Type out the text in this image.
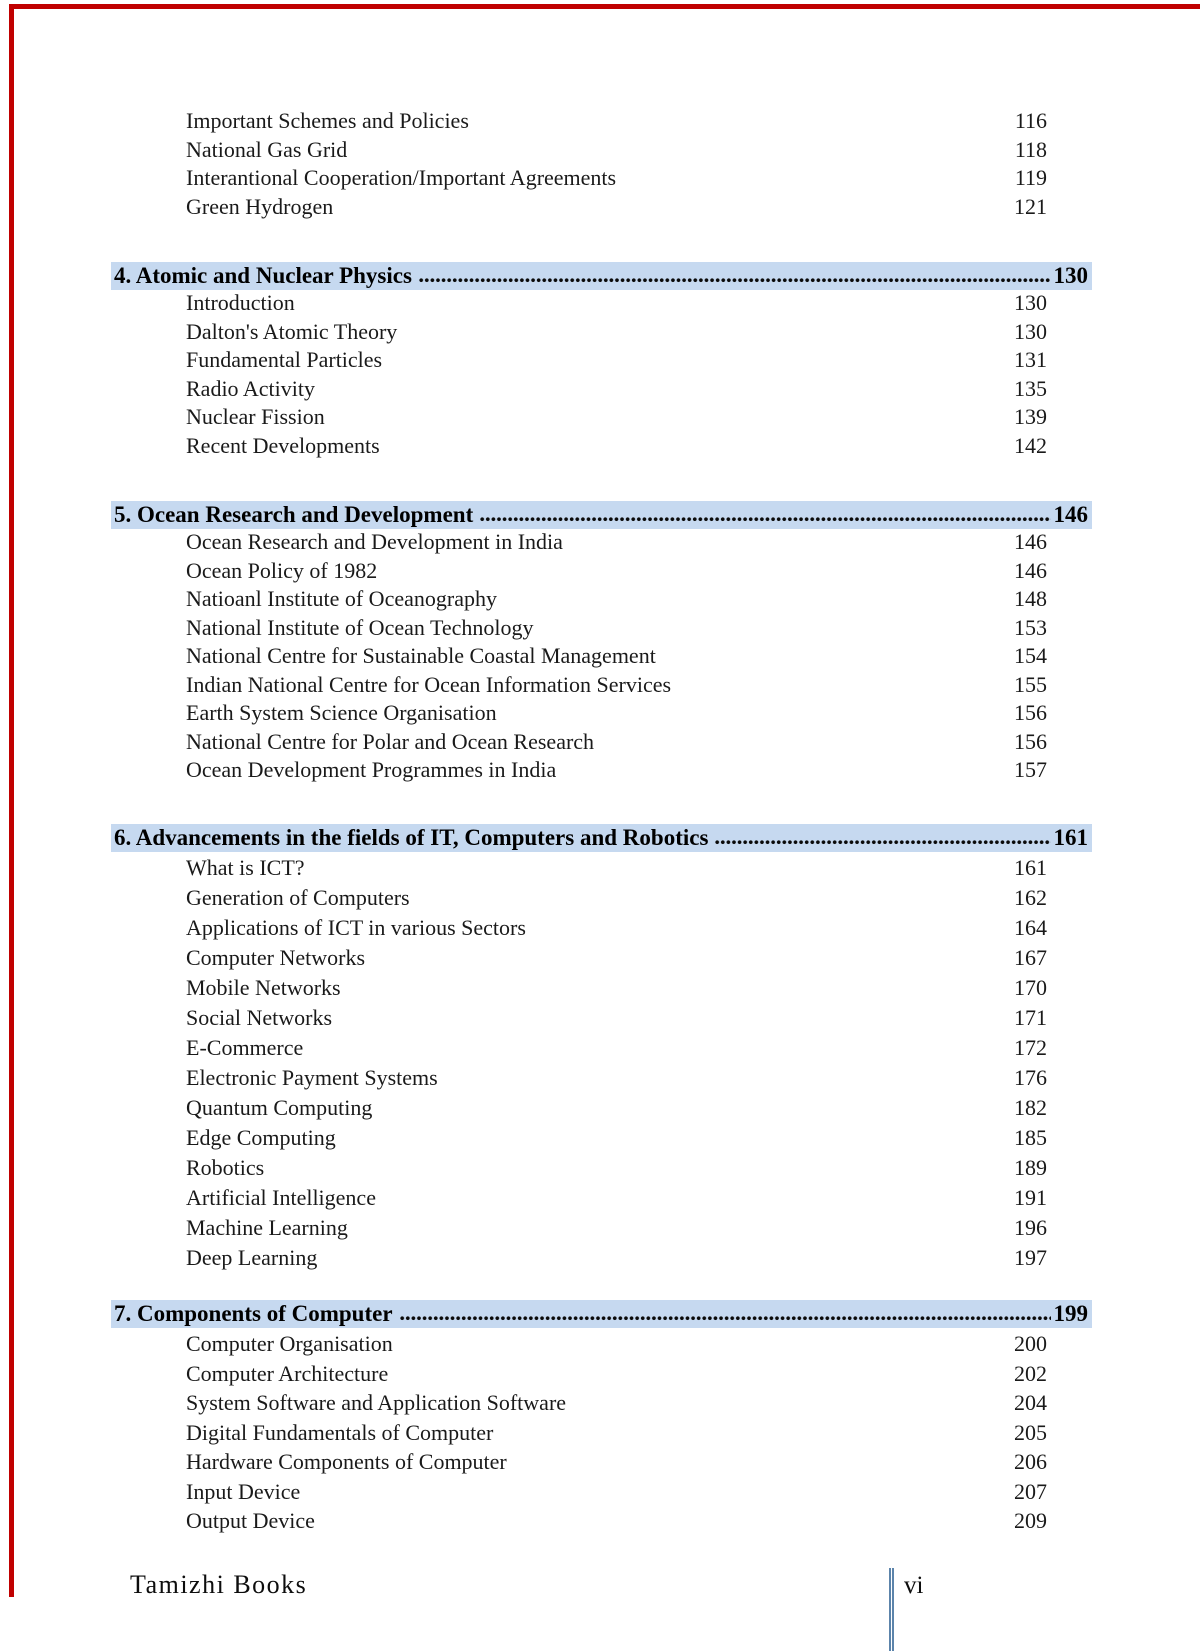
Important Schemes and Policies	116
National Gas Grid	118
Interantional Cooperation/Important Agreements	119
Green Hydrogen	121
4. Atomic and Nuclear Physics	130
Introduction	130
Dalton's Atomic Theory	130
Fundamental Particles	131
Radio Activity	135
Nuclear Fission	139
Recent Developments	142
5. Ocean Research and Development	146
Ocean Research and Development in India	146
Ocean Policy of 1982	146
Natioanl Institute of Oceanography	148
National Institute of Ocean Technology	153
National Centre for Sustainable Coastal Management	154
Indian National Centre for Ocean Information Services	155
Earth System Science Organisation	156
National Centre for Polar and Ocean Research	156
Ocean Development Programmes in India	157
6. Advancements in the fields of IT, Computers and Robotics	161
What is ICT?	161
Generation of Computers	162
Applications of ICT in various Sectors	164
Computer Networks	167
Mobile Networks	170
Social Networks	171
E-Commerce	172
Electronic Payment Systems	176
Quantum Computing	182
Edge Computing	185
Robotics	189
Artificial Intelligence	191
Machine Learning	196
Deep Learning	197
7. Components of Computer	199
Computer Organisation	200
Computer Architecture	202
System Software and Application Software	204
Digital Fundamentals of Computer	205
Hardware Components of Computer	206
Input Device	207
Output Device	209
Tamizhi Books	vi
